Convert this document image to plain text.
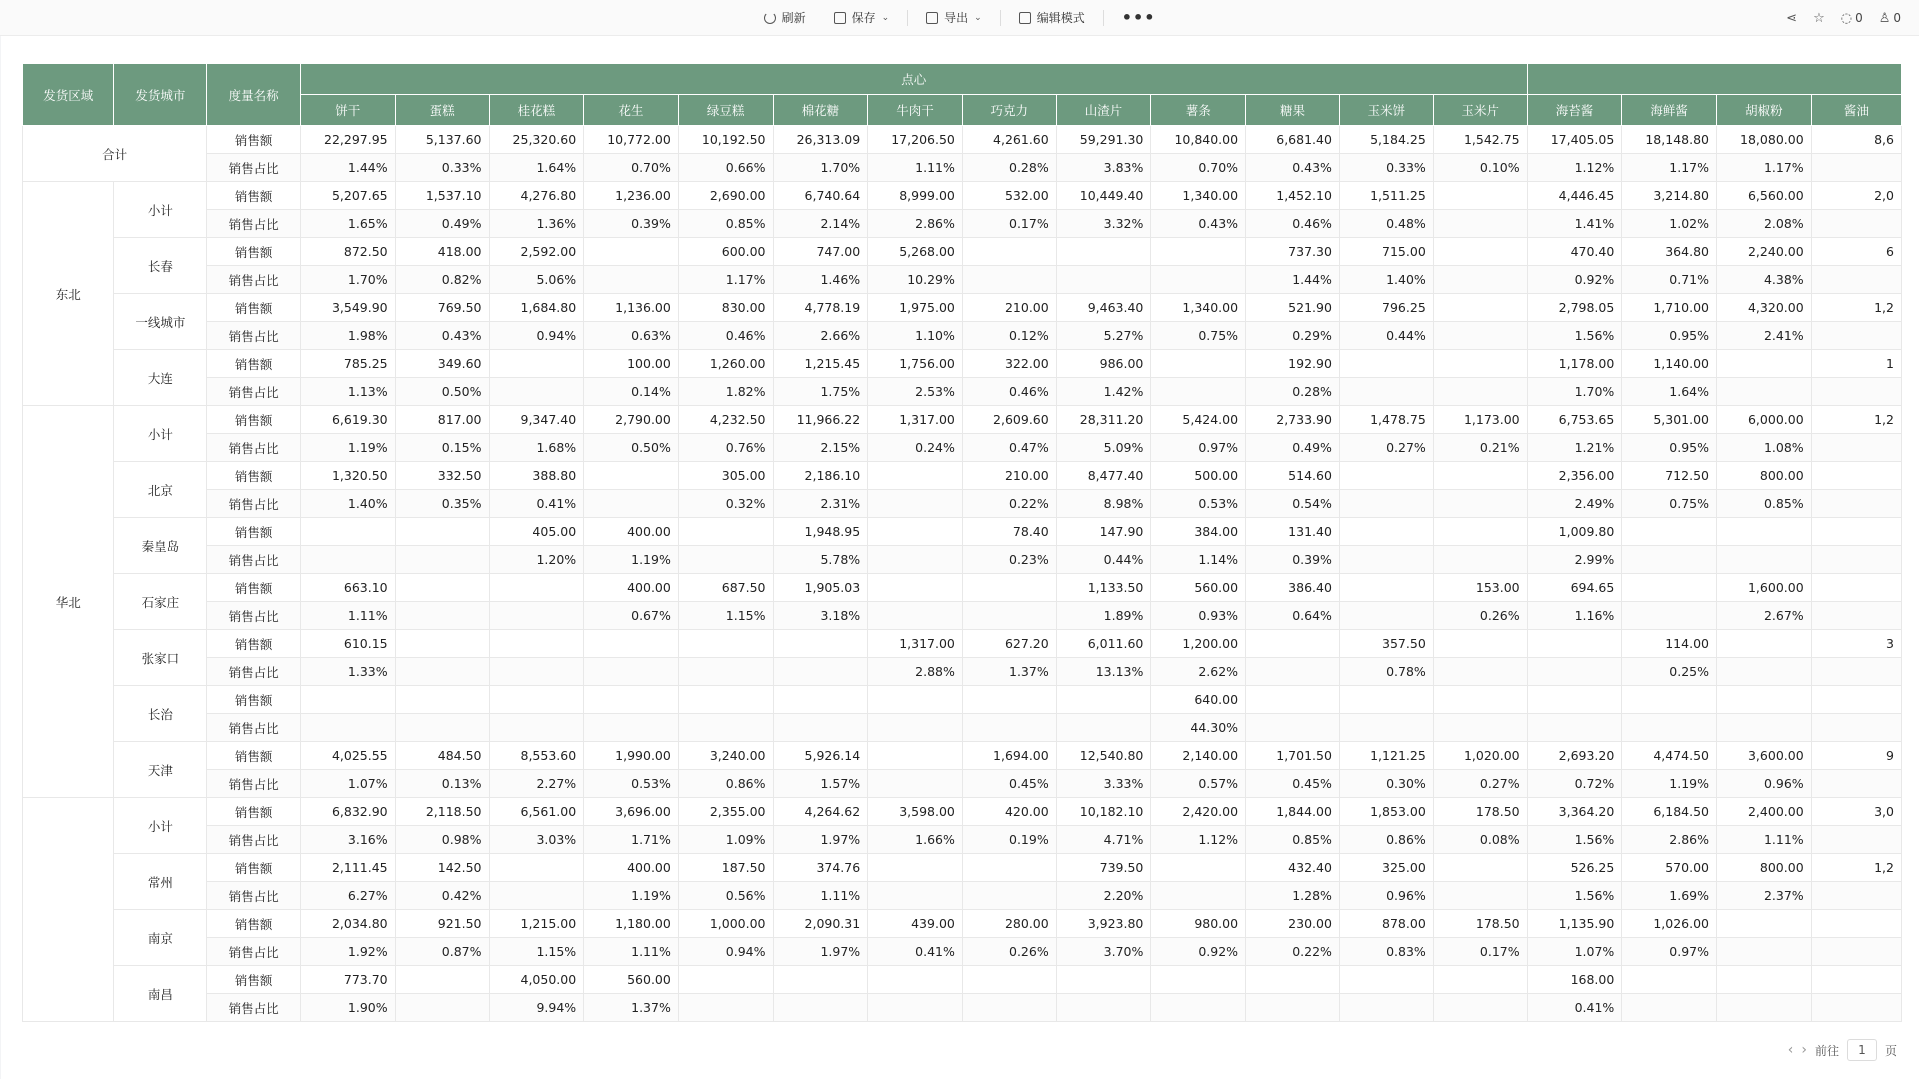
刷新	保存 ⌄	导出 ⌄	编辑模式	•••	⋖ ☆ ◌ 0 ♙ 0
发货区域	发货城市	度量名称	点心																
			饼干	蛋糕	桂花糕	花生	绿豆糕	棉花糖	牛肉干	巧克力	山渣片	薯条	糖果	玉米饼	玉米片	海苔酱	海鲜酱	胡椒粉	酱油
合计		销售额	22,297.95	5,137.60	25,320.60	10,772.00	10,192.50	26,313.09	17,206.50	4,261.60	59,291.30	10,840.00	6,681.40	5,184.25	1,542.75	17,405.05	18,148.80	18,080.00	8,6
		销售占比	1.44%	0.33%	1.64%	0.70%	0.66%	1.70%	1.11%	0.28%	3.83%	0.70%	0.43%	0.33%	0.10%	1.12%	1.17%	1.17%	
东北	小计	销售额	5,207.65	1,537.10	4,276.80	1,236.00	2,690.00	6,740.64	8,999.00	532.00	10,449.40	1,340.00	1,452.10	1,511.25		4,446.45	3,214.80	6,560.00	2,0
		销售占比	1.65%	0.49%	1.36%	0.39%	0.85%	2.14%	2.86%	0.17%	3.32%	0.43%	0.46%	0.48%		1.41%	1.02%	2.08%	
	长春	销售额	872.50	418.00	2,592.00		600.00	747.00	5,268.00				737.30	715.00		470.40	364.80	2,240.00	6
		销售占比	1.70%	0.82%	5.06%		1.17%	1.46%	10.29%				1.44%	1.40%		0.92%	0.71%	4.38%	
	一线城市	销售额	3,549.90	769.50	1,684.80	1,136.00	830.00	4,778.19	1,975.00	210.00	9,463.40	1,340.00	521.90	796.25		2,798.05	1,710.00	4,320.00	1,2
		销售占比	1.98%	0.43%	0.94%	0.63%	0.46%	2.66%	1.10%	0.12%	5.27%	0.75%	0.29%	0.44%		1.56%	0.95%	2.41%	
	大连	销售额	785.25	349.60		100.00	1,260.00	1,215.45	1,756.00	322.00	986.00		192.90			1,178.00	1,140.00		1
		销售占比	1.13%	0.50%		0.14%	1.82%	1.75%	2.53%	0.46%	1.42%		0.28%			1.70%	1.64%		
华北	小计	销售额	6,619.30	817.00	9,347.40	2,790.00	4,232.50	11,966.22	1,317.00	2,609.60	28,311.20	5,424.00	2,733.90	1,478.75	1,173.00	6,753.65	5,301.00	6,000.00	1,2
		销售占比	1.19%	0.15%	1.68%	0.50%	0.76%	2.15%	0.24%	0.47%	5.09%	0.97%	0.49%	0.27%	0.21%	1.21%	0.95%	1.08%	
	北京	销售额	1,320.50	332.50	388.80		305.00	2,186.10		210.00	8,477.40	500.00	514.60			2,356.00	712.50	800.00	
		销售占比	1.40%	0.35%	0.41%		0.32%	2.31%		0.22%	8.98%	0.53%	0.54%			2.49%	0.75%	0.85%	
	秦皇岛	销售额			405.00	400.00		1,948.95		78.40	147.90	384.00	131.40			1,009.80			
		销售占比			1.20%	1.19%		5.78%		0.23%	0.44%	1.14%	0.39%			2.99%			
	石家庄	销售额	663.10			400.00	687.50	1,905.03			1,133.50	560.00	386.40		153.00	694.65		1,600.00	
		销售占比	1.11%			0.67%	1.15%	3.18%			1.89%	0.93%	0.64%		0.26%	1.16%		2.67%	
	张家口	销售额	610.15						1,317.00	627.20	6,011.60	1,200.00		357.50			114.00		3
		销售占比	1.33%						2.88%	1.37%	13.13%	2.62%		0.78%			0.25%		
	长治	销售额										640.00							
		销售占比										44.30%							
	天津	销售额	4,025.55	484.50	8,553.60	1,990.00	3,240.00	5,926.14		1,694.00	12,540.80	2,140.00	1,701.50	1,121.25	1,020.00	2,693.20	4,474.50	3,600.00	9
		销售占比	1.07%	0.13%	2.27%	0.53%	0.86%	1.57%		0.45%	3.33%	0.57%	0.45%	0.30%	0.27%	0.72%	1.19%	0.96%	
	小计	销售额	6,832.90	2,118.50	6,561.00	3,696.00	2,355.00	4,264.62	3,598.00	420.00	10,182.10	2,420.00	1,844.00	1,853.00	178.50	3,364.20	6,184.50	2,400.00	3,0
		销售占比	3.16%	0.98%	3.03%	1.71%	1.09%	1.97%	1.66%	0.19%	4.71%	1.12%	0.85%	0.86%	0.08%	1.56%	2.86%	1.11%	
	常州	销售额	2,111.45	142.50		400.00	187.50	374.76			739.50		432.40	325.00		526.25	570.00	800.00	1,2
		销售占比	6.27%	0.42%		1.19%	0.56%	1.11%			2.20%		1.28%	0.96%		1.56%	1.69%	2.37%	
	南京	销售额	2,034.80	921.50	1,215.00	1,180.00	1,000.00	2,090.31	439.00	280.00	3,923.80	980.00	230.00	878.00	178.50	1,135.90	1,026.00		
		销售占比	1.92%	0.87%	1.15%	1.11%	0.94%	1.97%	0.41%	0.26%	3.70%	0.92%	0.22%	0.83%	0.17%	1.07%	0.97%		
	南昌	销售额	773.70		4,050.00	560.00										168.00			
		销售占比	1.90%		9.94%	1.37%										0.41%			
‹ › 前往	1	页
